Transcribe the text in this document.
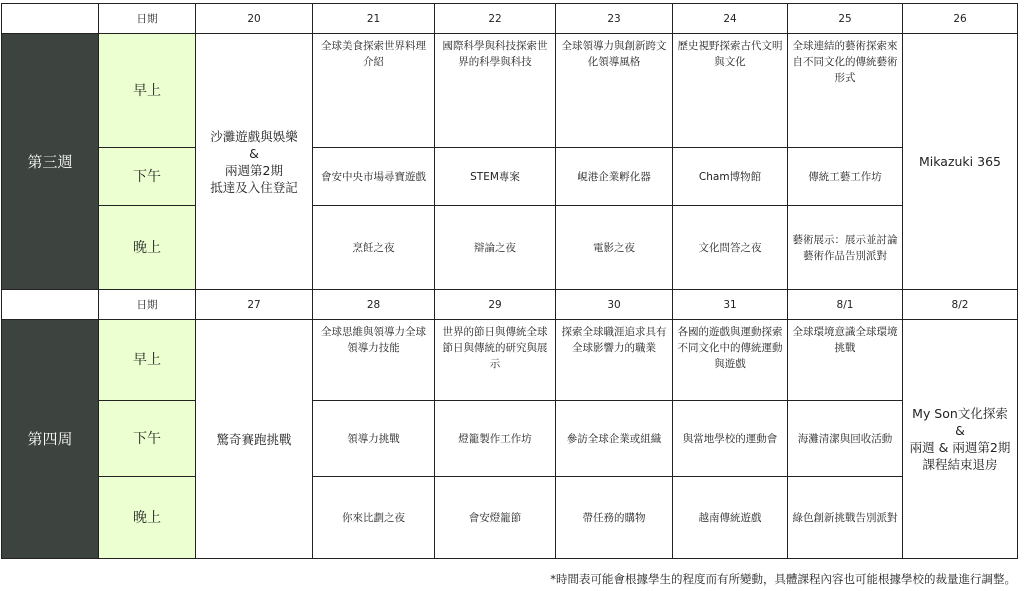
	日期	20	21	22	23	24	25	26
第三週	早上	沙灘遊戲與娛樂
&
兩週第2期
抵達及入住登記	全球美食探索世界料理介紹	國際科學與科技探索世界的科學與科技	全球領導力與創新跨文化領導風格	歷史視野探索古代文明與文化	全球連結的藝術探索來自不同文化的傳統藝術形式	Mikazuki 365
	下午		會安中央市場尋寶遊戲	STEM專案	峴港企業孵化器	Cham博物館	傳統工藝工作坊	
	晚上		烹飪之夜	辯論之夜	電影之夜	文化問答之夜	藝術展示：展示並討論藝術作品告別派對	
	日期	27	28	29	30	31	8/1	8/2
第四周	早上	驚奇賽跑挑戰	全球思維與領導力全球領導力技能	世界的節日與傳統全球節日與傳統的研究與展示	探索全球職涯追求具有全球影響力的職業	各國的遊戲與運動探索不同文化中的傳統運動與遊戲	全球環境意識全球環境挑戰	My Son文化探索
&
兩週 & 兩週第2期
課程結束退房
	下午		領導力挑戰	燈籠製作工作坊	參訪全球企業或組織	與當地學校的運動會	海灘清潔與回收活動	
	晚上		你來比劃之夜	會安燈籠節	帶任務的購物	越南傳統遊戲	綠色創新挑戰告別派對	
*時間表可能會根據學生的程度而有所變動，具體課程內容也可能根據學校的裁量進行調整。
